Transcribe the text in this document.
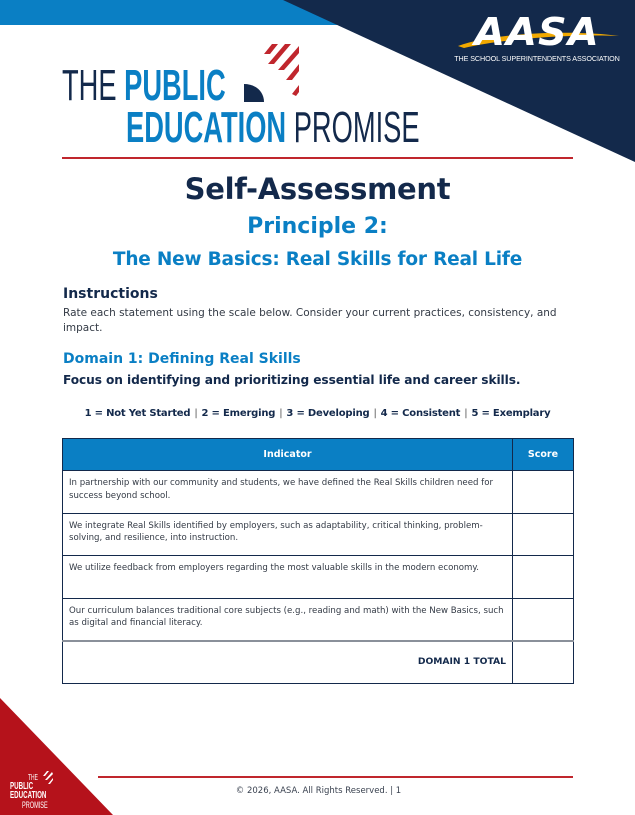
AASA
THE SCHOOL SUPERINTENDENTS ASSOCIATION
THE PUBLIC
EDUCATION PROMISE
Self-Assessment
Principle 2:
The New Basics: Real Skills for Real Life
Instructions

Rate each statement using the scale below. Consider your current practices, consistency, and impact.

Domain 1: Defining Real Skills
Focus on identifying and prioritizing essential life and career skills.
1 = Not Yet Started | 2 = Emerging | 3 = Developing | 4 = Consistent | 5 = Exemplary
Indicator	Score
In partnership with our community and students, we have defined the Real Skills children need for success beyond school.	
We integrate Real Skills identified by employers, such as adaptability, critical thinking, problem-solving, and resilience, into instruction.	
We utilize feedback from employers regarding the most valuable skills in the modern economy.	
Our curriculum balances traditional core subjects (e.g., reading and math) with the New Basics, such as digital and financial literacy.	
DOMAIN 1 TOTAL	
© 2026, AASA. All Rights Reserved. | 1
THE
PUBLIC
EDUCATION
PROMISE
